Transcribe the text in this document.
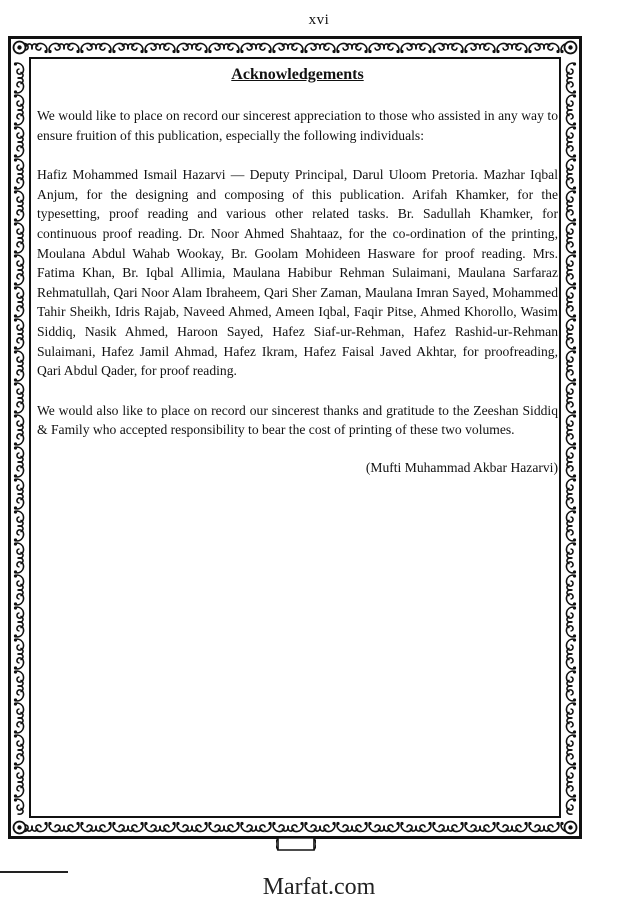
xvi
Acknowledgements

We would like to place on record our sincerest appreciation to those who assisted in any way to ensure fruition of this publication, especially the following individuals:

Hafiz Mohammed Ismail Hazarvi — Deputy Principal, Darul Uloom Pretoria. Mazhar Iqbal Anjum, for the designing and composing of this publication. Arifah Khamker, for the typesetting, proof reading and various other related tasks. Br. Sadullah Khamker, for continuous proof reading. Dr. Noor Ahmed Shahtaaz, for the co-ordination of the printing, Moulana Abdul Wahab Wookay, Br. Goolam Mohideen Hasware for proof reading. Mrs. Fatima Khan, Br. Iqbal Allimia, Maulana Habibur Rehman Sulaimani, Maulana Sarfaraz Rehmatullah, Qari Noor Alam Ibraheem, Qari Sher Zaman, Maulana Imran Sayed, Mohammed Tahir Sheikh, Idris Rajab, Naveed Ahmed, Ameen Iqbal, Faqir Pitse, Ahmed Khorollo, Wasim Siddiq, Nasik Ahmed, Haroon Sayed, Hafez Siaf-ur-Rehman, Hafez Rashid-ur-Rehman Sulaimani, Hafez Jamil Ahmad, Hafez Ikram, Hafez Faisal Javed Akhtar, for proofreading, Qari Abdul Qader, for proof reading.

We would also like to place on record our sincerest thanks and gratitude to the Zeeshan Siddiq & Family who accepted responsibility to bear the cost of printing of these two volumes.

(Mufti Muhammad Akbar Hazarvi)
Marfat.com
